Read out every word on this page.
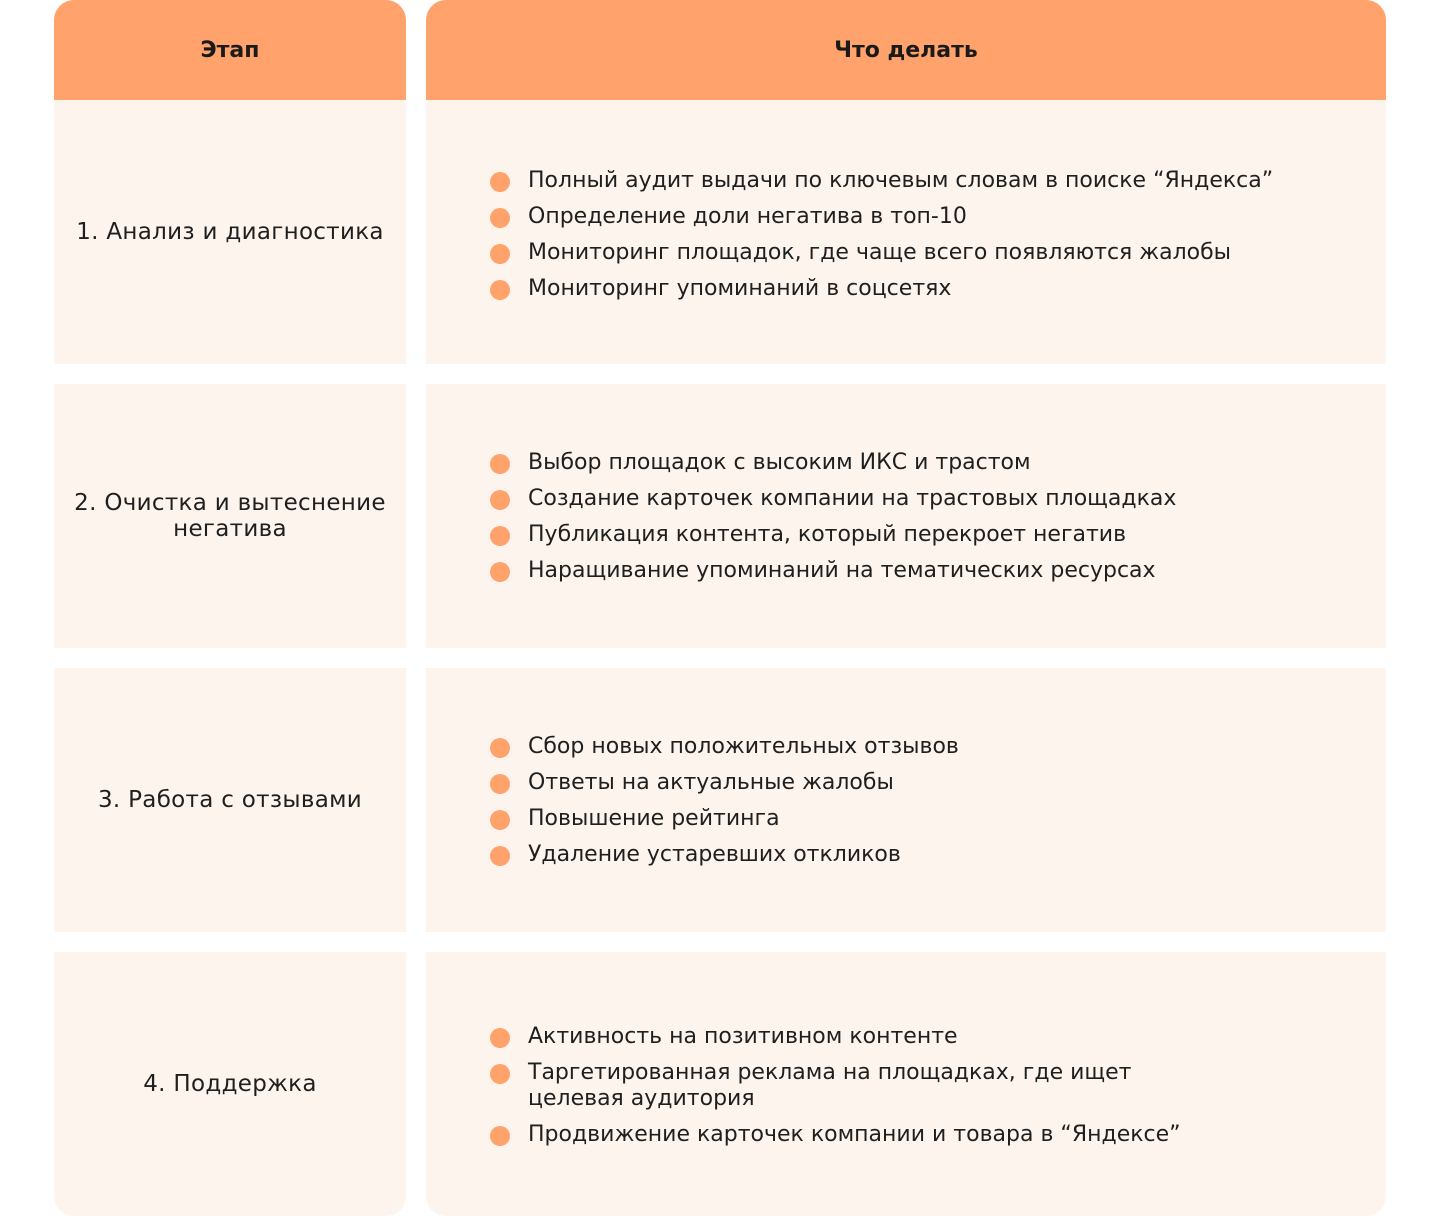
Этап	Что делать
1. Анализ и диагностика
Полный аудит выдачи по ключевым словам в поиске “Яндекса”
Определение доли негатива в топ-10
Мониторинг площадок, где чаще всего появляются жалобы
Мониторинг упоминаний в соцсетях
2. Очистка и вытеснение негатива
Выбор площадок с высоким ИКС и трастом
Создание карточек компании на трастовых площадках
Публикация контента, который перекроет негатив
Наращивание упоминаний на тематических ресурсах
3. Работа с отзывами
Сбор новых положительных отзывов
Ответы на актуальные жалобы
Повышение рейтинга
Удаление устаревших откликов
4. Поддержка
Активность на позитивном контенте
Таргетированная реклама на площадках, где ищет целевая аудитория
Продвижение карточек компании и товара в “Яндексе”
